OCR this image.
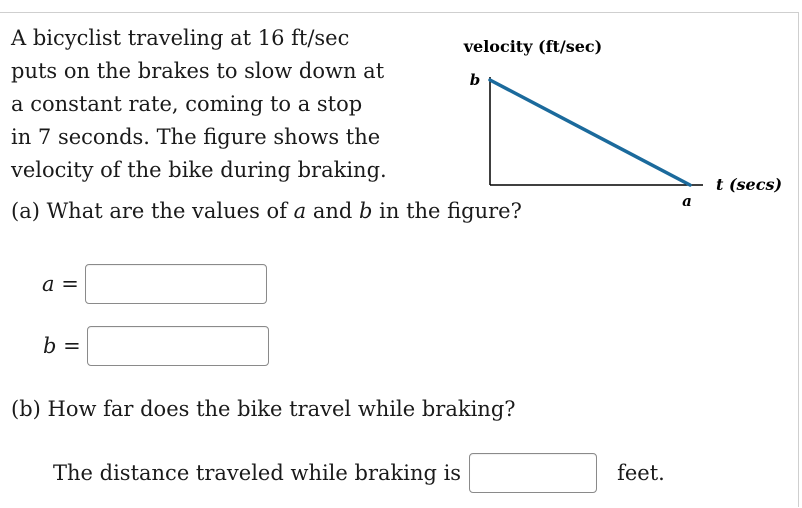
A bicyclist traveling at 16 ft/sec
puts on the brakes to slow down at
a constant rate, coming to a stop
in 7 seconds. The figure shows the
velocity of the bike during braking.
velocity (ft/sec)
b
t (secs)
a
(a) What are the values of a and b in the figure?
a =
b =
(b) How far does the bike travel while braking?
The distance traveled while braking is	feet.
